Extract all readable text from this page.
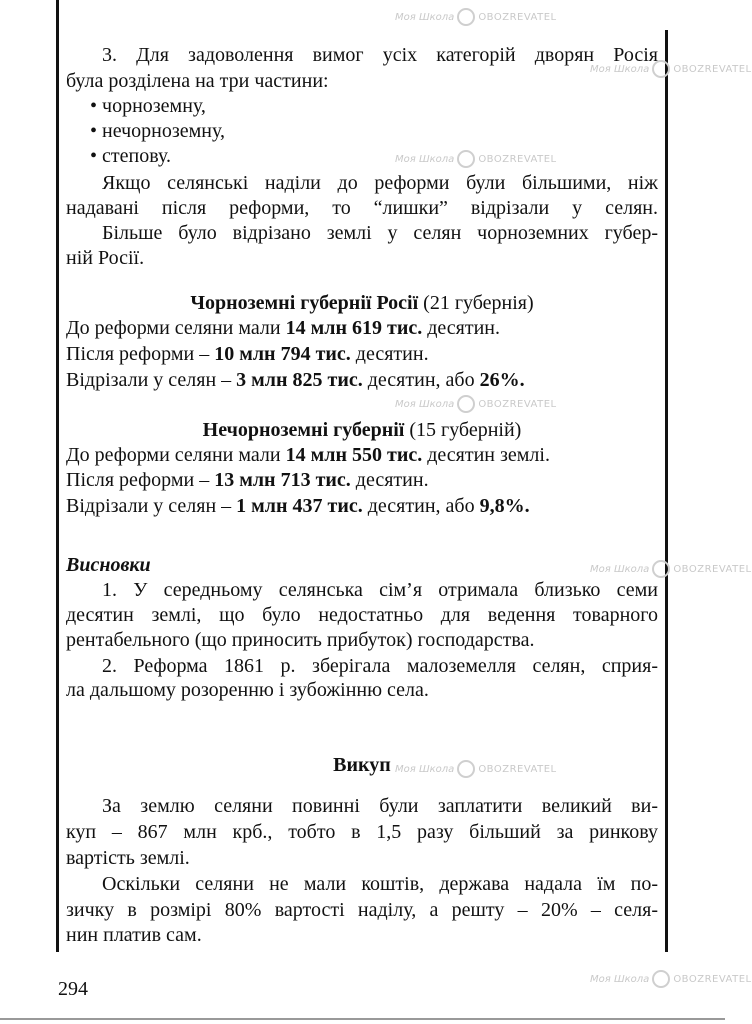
Моя Школа OBOZREVATEL
Моя Школа OBOZREVATEL
Моя Школа OBOZREVATEL
Моя Школа OBOZREVATEL
Моя Школа OBOZREVATEL
Моя Школа OBOZREVATEL
Моя Школа OBOZREVATEL
3. Для задоволення вимог усіх категорій дворян Росія
була розділена на три частини:
• чорноземну,
• нечорноземну,
• степову.
Якщо селянські наділи до реформи були більшими, ніж
надавані після реформи, то “лишки” відрізали у селян.
Більше було відрізано землі у селян чорноземних губер-
ній Росії.
Чорноземні губернії Росії (21 губернія)
До реформи селяни мали 14 млн 619 тис. десятин.
Після реформи – 10 млн 794 тис. десятин.
Відрізали у селян – 3 млн 825 тис. десятин, або 26%.
Нечорноземні губернії (15 губерній)
До реформи селяни мали 14 млн 550 тис. десятин землі.
Після реформи – 13 млн 713 тис. десятин.
Відрізали у селян – 1 млн 437 тис. десятин, або 9,8%.
Висновки
1. У середньому селянська сім’я отримала близько семи
десятин землі, що було недостатньо для ведення товарного
рентабельного (що приносить прибуток) господарства.
2. Реформа 1861 р. зберігала малоземелля селян, сприя-
ла дальшому розоренню і зубожінню села.
Викуп
За землю селяни повинні були заплатити великий ви-
куп – 867 млн крб., тобто в 1,5 разу більший за ринкову
вартість землі.
Оскільки селяни не мали коштів, держава надала їм по-
зичку в розмірі 80% вартості наділу, а решту – 20% – селя-
нин платив сам.
294
